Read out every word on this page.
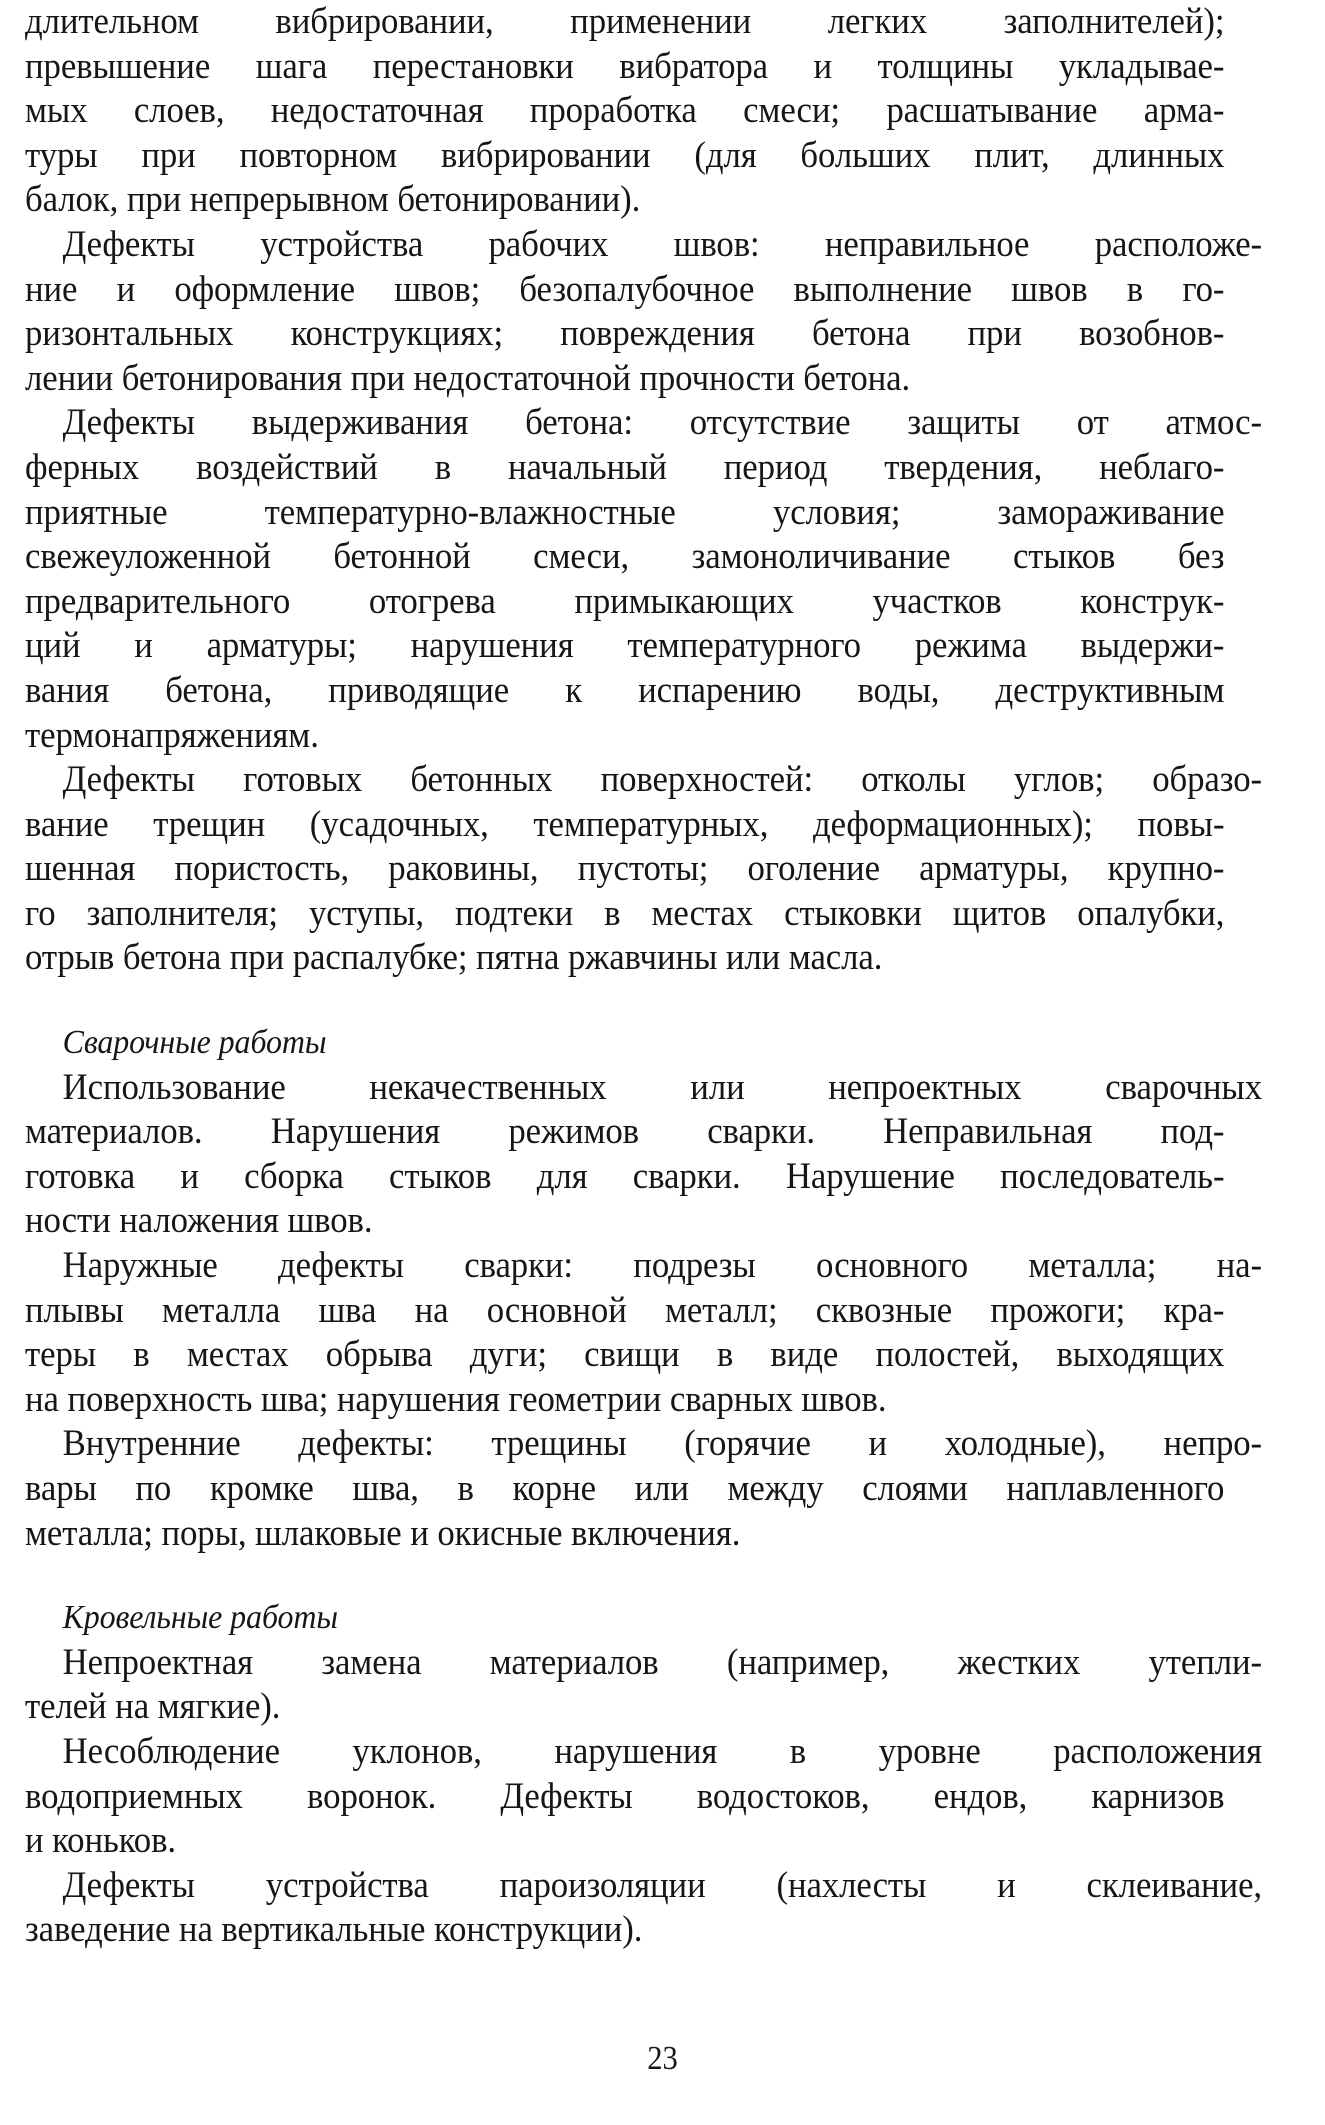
длительном вибрировании, применении легких заполнителей);
превышение шага перестановки вибратора и толщины укладывае-
мых слоев, недостаточная проработка смеси; расшатывание арма-
туры при повторном вибрировании (для больших плит, длинных
балок, при непрерывном бетонировании).
Дефекты устройства рабочих швов: неправильное расположе-
ние и оформление швов; безопалубочное выполнение швов в го-
ризонтальных конструкциях; повреждения бетона при возобнов-
лении бетонирования при недостаточной прочности бетона.
Дефекты выдерживания бетона: отсутствие защиты от атмос-
ферных воздействий в начальный период твердения, неблаго-
приятные	температурно-влажностные	условия;	замораживание
свежеуложенной бетонной смеси, замоноличивание стыков без
предварительного отогрева примыкающих участков конструк-
ций и арматуры; нарушения температурного режима выдержи-
вания бетона, приводящие к испарению воды, деструктивным
термонапряжениям.
Дефекты готовых бетонных поверхностей: отколы углов; образо-
вание трещин (усадочных, температурных, деформационных); повы-
шенная пористость, раковины, пустоты; оголение арматуры, крупно-
го заполнителя; уступы, подтеки в местах стыковки щитов опалубки,
отрыв бетона при распалубке; пятна ржавчины или масла.
Сварочные работы
Использование некачественных или непроектных сварочных
материалов. Нарушения режимов сварки. Неправильная под-
готовка и сборка стыков для сварки. Нарушение последователь-
ности наложения швов.
Наружные дефекты сварки: подрезы основного металла; на-
плывы металла шва на основной металл; сквозные прожоги; кра-
теры в местах обрыва дуги; свищи в виде полостей, выходящих
на поверхность шва; нарушения геометрии сварных швов.
Внутренние дефекты: трещины (горячие и холодные), непро-
вары по кромке шва, в корне или между слоями наплавленного
металла; поры, шлаковые и окисные включения.
Кровельные работы
Непроектная замена материалов (например, жестких утепли-
телей на мягкие).
Несоблюдение уклонов, нарушения в уровне расположения
водоприемных воронок. Дефекты водостоков, ендов, карнизов
и коньков.
Дефекты устройства пароизоляции (нахлесты и склеивание,
заведение на вертикальные конструкции).
23
